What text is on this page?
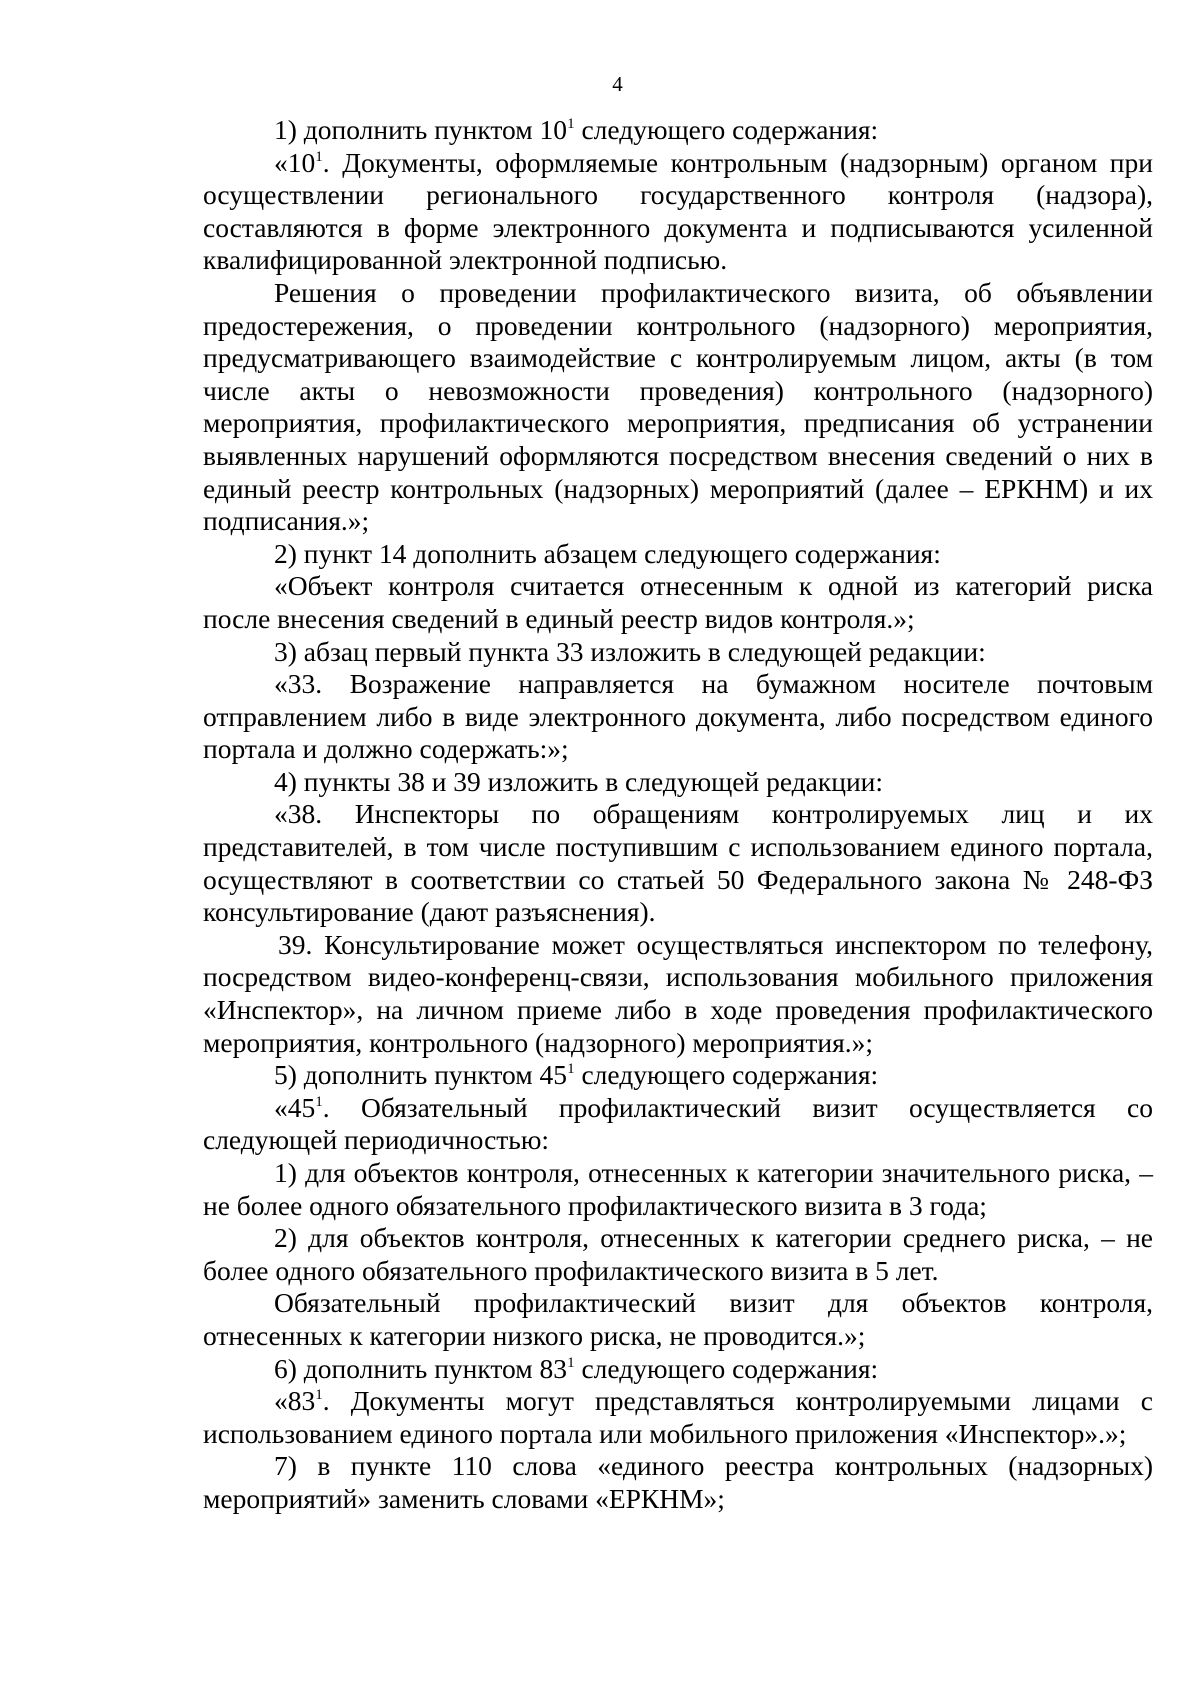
4

1) дополнить пунктом $10^1$ следующего содержания:

«$10^1$. Документы, оформляемые контрольным (надзорным) органом при осуществлении регионального государственного контроля (надзора), составляются в форме электронного документа и подписываются усиленной квалифицированной электронной подписью.

Решения о проведении профилактического визита, об объявлении предостережения, о проведении контрольного (надзорного) мероприятия, предусматривающего взаимодействие с контролируемым лицом, акты (в том числе акты о невозможности проведения) контрольного (надзорного) мероприятия, профилактического мероприятия, предписания об устранении выявленных нарушений оформляются посредством внесения сведений о них в единый реестр контрольных (надзорных) мероприятий (далее – ЕРКНМ) и их подписания.»;

2) пункт 14 дополнить абзацем следующего содержания:

«Объект контроля считается отнесенным к одной из категорий риска после внесения сведений в единый реестр видов контроля.»;

3) абзац первый пункта 33 изложить в следующей редакции:

«33. Возражение направляется на бумажном носителе почтовым отправлением либо в виде электронного документа, либо посредством единого портала и должно содержать:»;

4) пункты 38 и 39 изложить в следующей редакции:

«38. Инспекторы по обращениям контролируемых лиц и их представителей, в том числе поступившим с использованием единого портала, осуществляют в соответствии со статьей 50 Федерального закона № 248-ФЗ консультирование (дают разъяснения).

39. Консультирование может осуществляться инспектором по телефону, посредством видео-конференц-связи, использования мобильного приложения «Инспектор», на личном приеме либо в ходе проведения профилактического мероприятия, контрольного (надзорного) мероприятия.»;

5) дополнить пунктом $45^1$ следующего содержания:

«$45^1$. Обязательный профилактический визит осуществляется со следующей периодичностью:

1) для объектов контроля, отнесенных к категории значительного риска, – не более одного обязательного профилактического визита в 3 года;

2) для объектов контроля, отнесенных к категории среднего риска, – не более одного обязательного профилактического визита в 5 лет.

Обязательный профилактический визит для объектов контроля, отнесенных к категории низкого риска, не проводится.»;

6) дополнить пунктом $83^1$ следующего содержания:

«$83^1$. Документы могут представляться контролируемыми лицами с использованием единого портала или мобильного приложения «Инспектор».»;

7) в пункте 110 слова «единого реестра контрольных (надзорных) мероприятий» заменить словами «ЕРКНМ»;
